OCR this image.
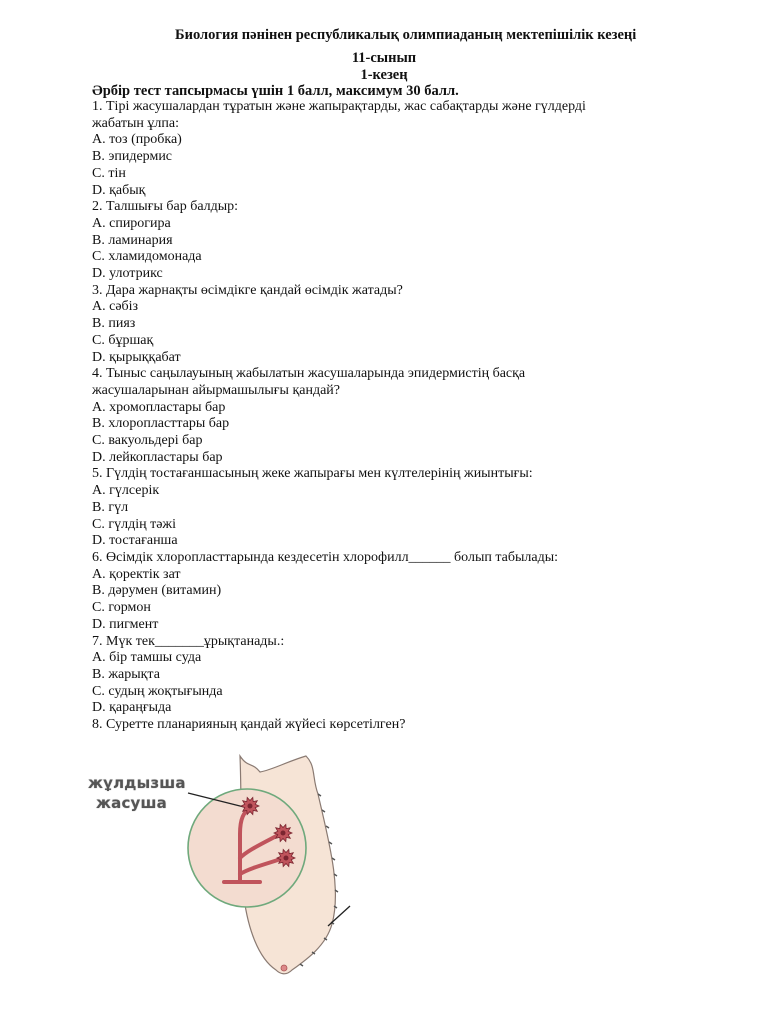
Биология пәнінен республикалық олимпиаданың мектепішілік кезеңі
11-сынып
1-кезең
Әрбір тест тапсырмасы үшін 1 балл, максимум 30 балл.
1. Тірі жасушалардан тұратын және жапырақтарды, жас сабақтарды және гүлдерді
жабатын ұлпа:
A. тоз (пробка)
B. эпидермис
C. тін
D. қабық
2. Талшығы бар балдыр:
A. спирогира
B. ламинария
C. хламидомонада
D. улотрикс
3. Дара жарнақты өсімдікге қандай өсімдік жатады?
A. сәбіз
B. пияз
C. бұршақ
D. қырыққабат
4. Тыныс саңылауының жабылатын жасушаларында эпидермистің басқа
жасушаларынан айырмашылығы қандай?
A. хромопластары бар
B. хлоропласттары бар
C. вакуольдері бар
D. лейкопластары бар
5. Гүлдің тостағаншасының жеке жапырағы мен күлтелерінің жиынтығы:
A. гүлсерік
B. гүл
C. гүлдің тәжі
D. тостағанша
6. Өсімдік хлоропласттарында кездесетін хлорофилл______ болып табылады:
A. қоректік зат
B. дәрумен (витамин)
C. гормон
D. пигмент
7. Мүк тек_______ұрықтанады.:
A. бір тамшы суда
B. жарықта
C. судың жоқтығында
D. қараңғыда
8. Суретте планарияның қандай жүйесі көрсетілген?
жұлдызша
жасуша
